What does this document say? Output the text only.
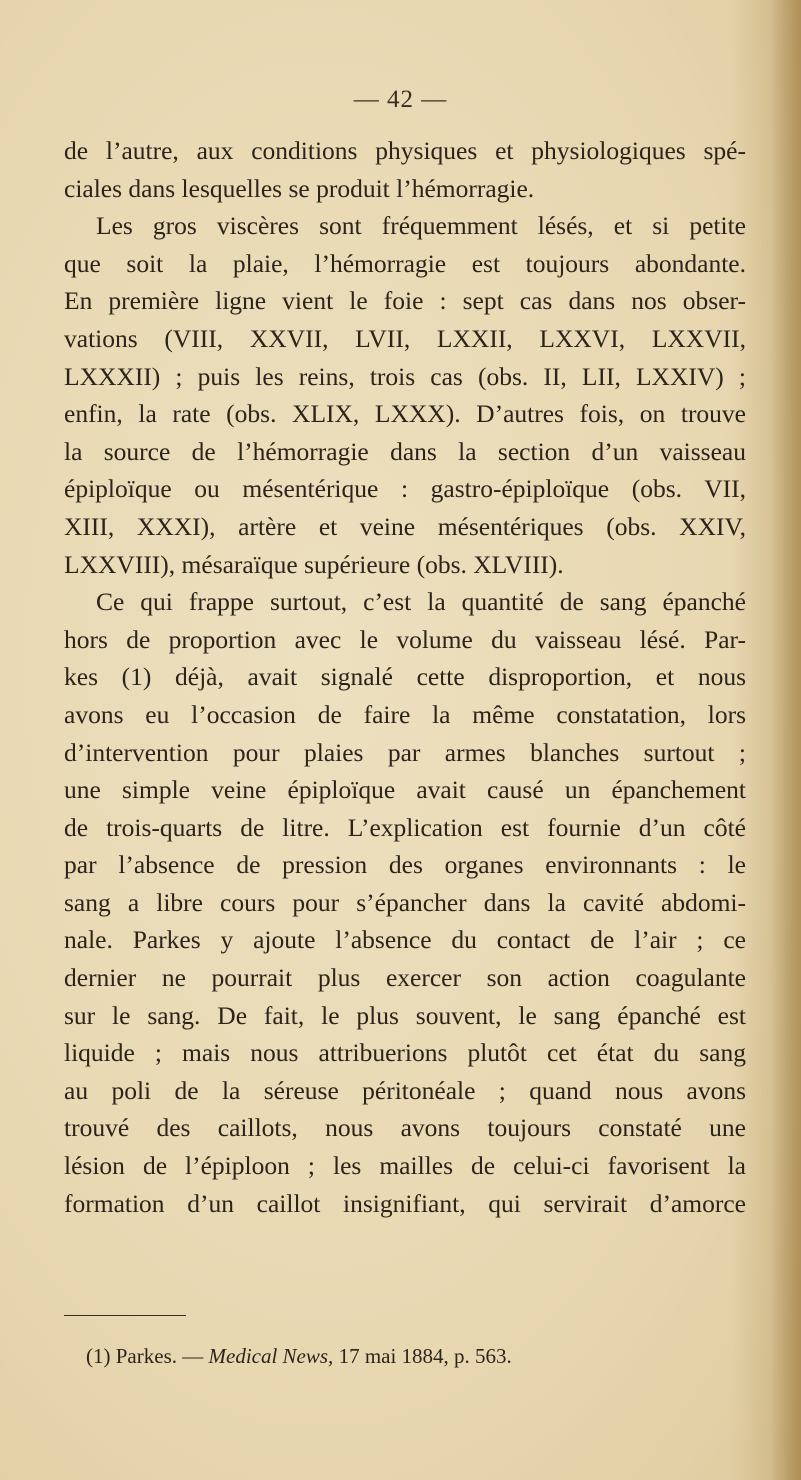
— 42 —
de l’autre, aux conditions physiques et physiologiques spé-
ciales dans lesquelles se produit l’hémorragie.
Les gros viscères sont fréquemment lésés, et si petite
que soit la plaie, l’hémorragie est toujours abondante.
En première ligne vient le foie : sept cas dans nos obser-
vations (VIII, XXVII, LVII, LXXII, LXXVI, LXXVII,
LXXXII) ; puis les reins, trois cas (obs. II, LII, LXXIV) ;
enfin, la rate (obs. XLIX, LXXX). D’autres fois, on trouve
la source de l’hémorragie dans la section d’un vaisseau
épiploïque ou mésentérique : gastro-épiploïque (obs. VII,
XIII, XXXI), artère et veine mésentériques (obs. XXIV,
LXXVIII), mésaraïque supérieure (obs. XLVIII).
Ce qui frappe surtout, c’est la quantité de sang épanché
hors de proportion avec le volume du vaisseau lésé. Par-
kes (1) déjà, avait signalé cette disproportion, et nous
avons eu l’occasion de faire la même constatation, lors
d’intervention pour plaies par armes blanches surtout ;
une simple veine épiploïque avait causé un épanchement
de trois-quarts de litre. L’explication est fournie d’un côté
par l’absence de pression des organes environnants : le
sang a libre cours pour s’épancher dans la cavité abdomi-
nale. Parkes y ajoute l’absence du contact de l’air ; ce
dernier ne pourrait plus exercer son action coagulante
sur le sang. De fait, le plus souvent, le sang épanché est
liquide ; mais nous attribuerions plutôt cet état du sang
au poli de la séreuse péritonéale ; quand nous avons
trouvé des caillots, nous avons toujours constaté une
lésion de l’épiploon ; les mailles de celui-ci favorisent la
formation d’un caillot insignifiant, qui servirait d’amorce
(1) Parkes. — Medical News, 17 mai 1884, p. 563.
